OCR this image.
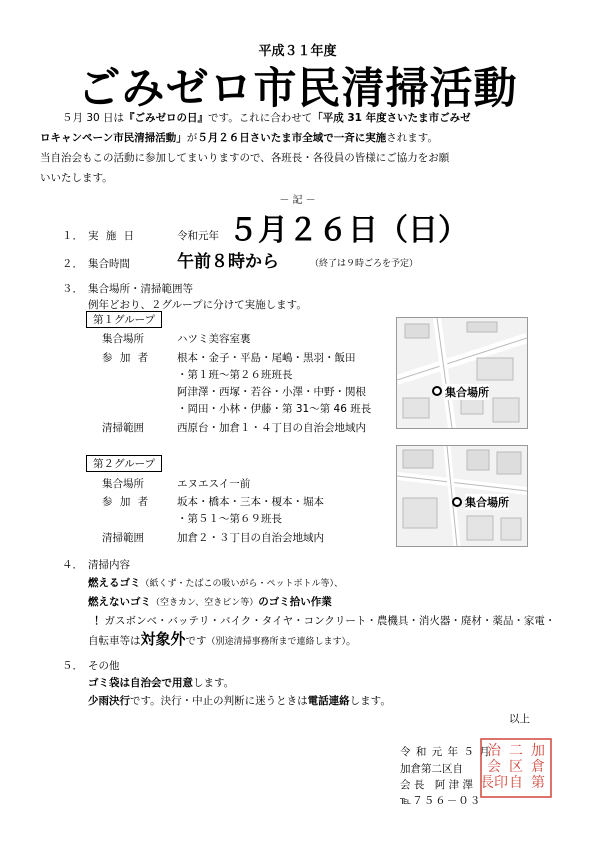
平成３１年度
ごみゼロ市民清掃活動
５月 30 日は『ごみゼロの日』です。これに合わせて「平成 31 年度さいたま市ごみゼ
ロキャンペーン市民清掃活動」が５月２６日さいたま市全域で一斉に実施されます。
当自治会もこの活動に参加してまいりますので、各班長・各役員の皆様にご協力をお願
いいたします。
－ 記 －
１． 実 施 日	令和元年 ５月２６日（日）
２． 集合時間	午前８時から	（終了は９時ごろを予定）
３． 集合場所・清掃範囲等
例年どおり、２グループに分けて実施します。
第１グループ
集合場所	ハツミ美容室裏
参 加 者	根本・金子・平島・尾嶋・黒羽・飯田
・第１班～第２６班班長
阿津澤・西塚・若谷・小澤・中野・関根
・岡田・小林・伊藤・第 31～第 46 班長
清掃範囲	西原台・加倉１・４丁目の自治会地域内
集合場所
第２グループ
集合場所	エヌエスイ一前
参 加 者	坂本・橋本・三本・榎本・堀本
・第５１～第６９班長
清掃範囲	加倉２・３丁目の自治会地域内
集合場所
４． 清掃内容
燃えるゴミ（紙くず・たばこの吸いがら・ペットボトル等）、
燃えないゴミ（空きカン、空きビン等）のゴミ拾い作業
！ガスボンベ・バッテリ・バイク・タイヤ・コンクリート・農機具・消火器・廃材・薬品・家電・
自転車等は対象外です（別途清掃事務所まで連絡します）。
５． その他
ゴミ袋は自治会で用意します。
少雨決行です。決行・中止の判断に迷うときは電話連絡します。
以上
令 和 元 年 ５ 月
加倉第二区自
会 長　阿 津 澤
℡７５６－０３
加
倉
第
二
区
自
治
会
長印
